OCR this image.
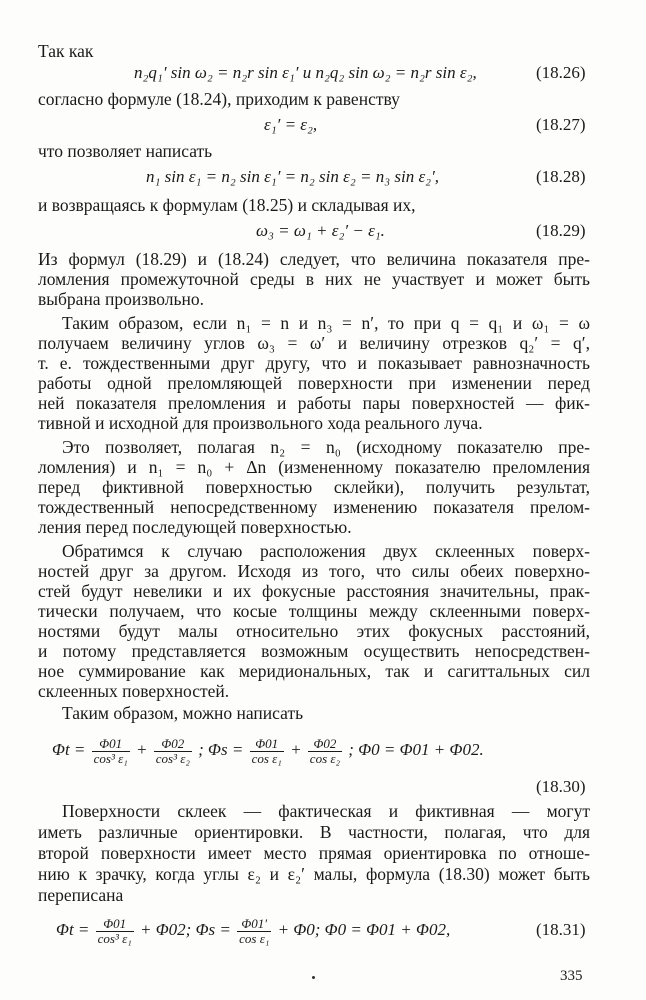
Так как
n₂q₁′ sin ω₂ = n₂r sin ε₁′ и n₂q₂ sin ω₂ = n₂r sin ε₂,	(18.26)
согласно формуле (18.24), приходим к равенству
ε₁′ = ε₂,	(18.27)
что позволяет написать
n₁ sin ε₁ = n₂ sin ε₁′ = n₂ sin ε₂ = n₃ sin ε₂′,	(18.28)
и возвращаясь к формулам (18.25) и складывая их,
ω₃ = ω₁ + ε₂′ − ε₁.	(18.29)
Из формул (18.29) и (18.24) следует, что величина показателя пре-
ломления промежуточной среды в них не участвует и может быть
выбрана произвольно.
Таким образом, если n₁ = n и n₃ = n′, то при q = q₁ и ω₁ = ω
получаем величину углов ω₃ = ω′ и величину отрезков q₂′ = q′,
т. е. тождественными друг другу, что и показывает равнозначность
работы одной преломляющей поверхности при изменении перед
ней показателя преломления и работы пары поверхностей — фик-
тивной и исходной для произвольного хода реального луча.
Это позволяет, полагая n₂ = n₀ (исходному показателю пре-
ломления) и n₁ = n₀ + Δn (измененному показателю преломления
перед фиктивной поверхностью склейки), получить результат,
тождественный непосредственному изменению показателя прелом-
ления перед последующей поверхностью.
Обратимся к случаю расположения двух склеенных поверх-
ностей друг за другом. Исходя из того, что силы обеих поверхно-
стей будут невелики и их фокусные расстояния значительны, прак-
тически получаем, что косые толщины между склеенными поверх-
ностями будут малы относительно этих фокусных расстояний,
и потому представляется возможным осуществить непосредствен-
ное суммирование как меридиональных, так и сагиттальных сил
склеенных поверхностей.
Таким образом, можно написать
$\Phi t = \frac{\Phi 01}{\text{cos³ ε₁}} + \frac{\Phi 02}{\text{cos³ ε₂}}$ ; $\Phi s = \frac{\Phi 01}{\text{cos ε₁}} + \frac{\Phi 02}{\text{cos ε₂}}$ ; Φ0 = Φ01 + Φ02.
(18.30)
Поверхности склеек — фактическая и фиктивная — могут
иметь различные ориентировки. В частности, полагая, что для
второй поверхности имеет место прямая ориентировка по отноше-
нию к зрачку, когда углы ε₂ и ε₂′ малы, формула (18.30) может быть
переписана
335
$\Phi t = \frac{\Phi 01}{\text{cos³ ε₁}} + \Phi 02$; $\Phi s = \frac{\Phi 01'}{\text{cos ε₁}} + \Phi 0$; Φ0 = Φ01 + Φ02,	(18.31)
